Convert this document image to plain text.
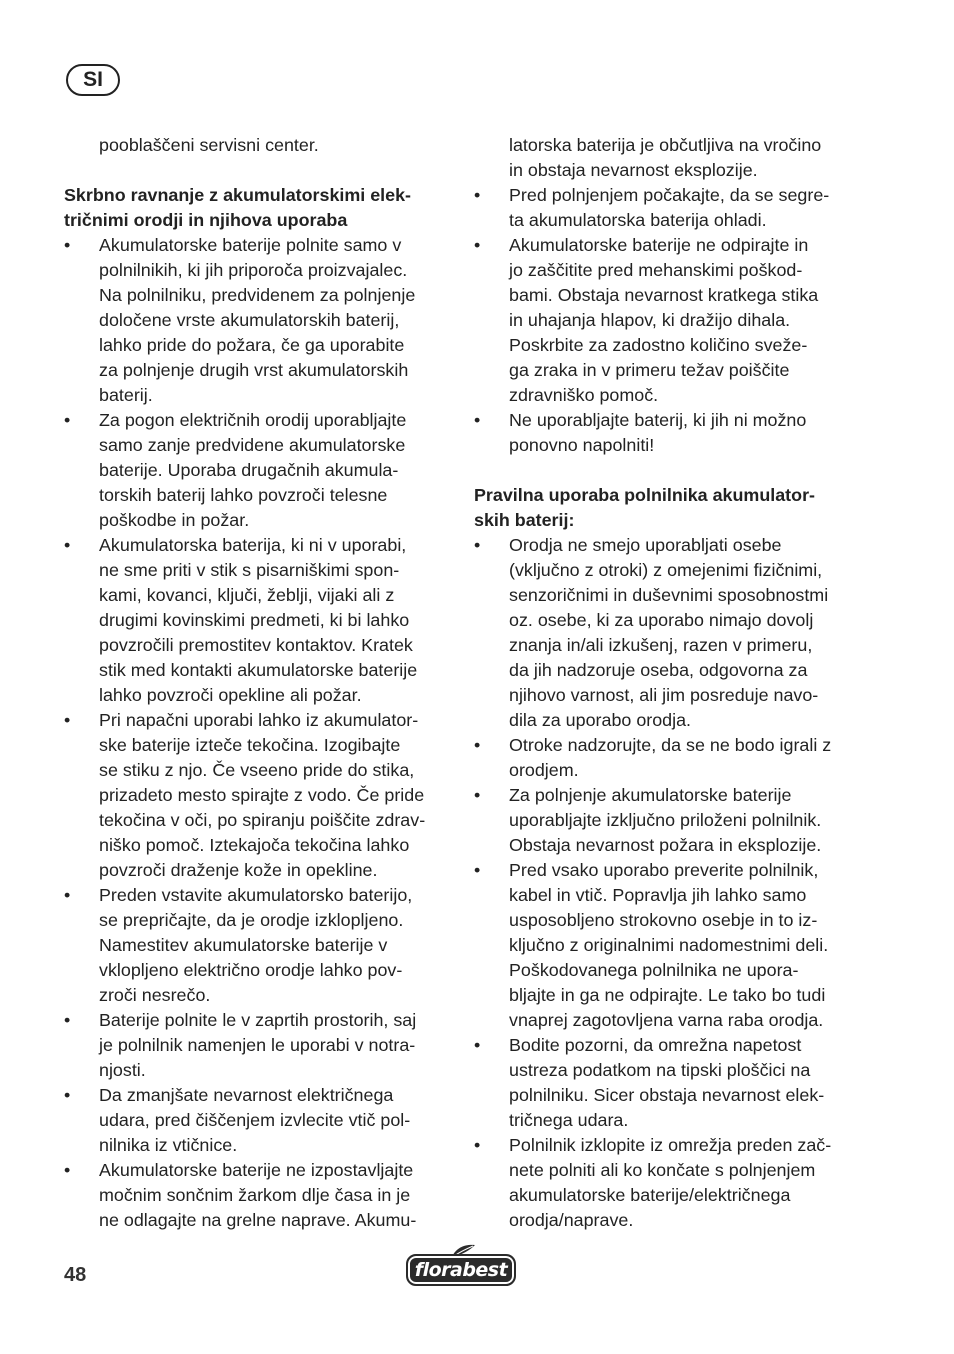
SI
pooblaščeni servisni center.
Skrbno ravnanje z akumulatorskimi elek-
tričnimi orodji in njihova uporaba
• Akumulatorske baterije polnite samo v
polnilnikih, ki jih priporoča proizvajalec.
Na polnilniku, predvidenem za polnjenje
določene vrste akumulatorskih baterij,
lahko pride do požara, če ga uporabite
za polnjenje drugih vrst akumulatorskih
baterij.
• Za pogon električnih orodij uporabljajte
samo zanje predvidene akumulatorske
baterije. Uporaba drugačnih akumula-
torskih baterij lahko povzroči telesne
poškodbe in požar.
• Akumulatorska baterija, ki ni v uporabi,
ne sme priti v stik s pisarniškimi spon-
kami, kovanci, ključi, žeblji, vijaki ali z
drugimi kovinskimi predmeti, ki bi lahko
povzročili premostitev kontaktov. Kratek
stik med kontakti akumulatorske baterije
lahko povzroči opekline ali požar.
• Pri napačni uporabi lahko iz akumulator-
ske baterije izteče tekočina. Izogibajte
se stiku z njo. Če vseeno pride do stika,
prizadeto mesto spirajte z vodo. Če pride
tekočina v oči, po spiranju poiščite zdrav-
niško pomoč. Iztekajoča tekočina lahko
povzroči draženje kože in opekline.
• Preden vstavite akumulatorsko baterijo,
se prepričajte, da je orodje izklopljeno.
Namestitev akumulatorske baterije v
vklopljeno električno orodje lahko pov-
zroči nesrečo.
• Baterije polnite le v zaprtih prostorih, saj
je polnilnik namenjen le uporabi v notra-
njosti.
• Da zmanjšate nevarnost električnega
udara, pred čiščenjem izvlecite vtič pol-
nilnika iz vtičnice.
• Akumulatorske baterije ne izpostavljajte
močnim sončnim žarkom dlje časa in je
ne odlagajte na grelne naprave. Akumu-
latorska baterija je občutljiva na vročino
in obstaja nevarnost eksplozije.
• Pred polnjenjem počakajte, da se segre-
ta akumulatorska baterija ohladi.
• Akumulatorske baterije ne odpirajte in
jo zaščitite pred mehanskimi poškod-
bami. Obstaja nevarnost kratkega stika
in uhajanja hlapov, ki dražijo dihala.
Poskrbite za zadostno količino sveže-
ga zraka in v primeru težav poiščite
zdravniško pomoč.
• Ne uporabljajte baterij, ki jih ni možno
ponovno napolniti!
Pravilna uporaba polnilnika akumulator-
skih baterij:
• Orodja ne smejo uporabljati osebe
(vključno z otroki) z omejenimi fizičnimi,
senzoričnimi in duševnimi sposobnostmi
oz. osebe, ki za uporabo nimajo dovolj
znanja in/ali izkušenj, razen v primeru,
da jih nadzoruje oseba, odgovorna za
njihovo varnost, ali jim posreduje navo-
dila za uporabo orodja.
• Otroke nadzorujte, da se ne bodo igrali z
orodjem.
• Za polnjenje akumulatorske baterije
uporabljajte izključno priloženi polnilnik.
Obstaja nevarnost požara in eksplozije.
• Pred vsako uporabo preverite polnilnik,
kabel in vtič. Popravlja jih lahko samo
usposobljeno strokovno osebje in to iz-
ključno z originalnimi nadomestnimi deli.
Poškodovanega polnilnika ne upora-
bljajte in ga ne odpirajte. Le tako bo tudi
vnaprej zagotovljena varna raba orodja.
• Bodite pozorni, da omrežna napetost
ustreza podatkom na tipski ploščici na
polnilniku. Sicer obstaja nevarnost elek-
tričnega udara.
• Polnilnik izklopite iz omrežja preden zač-
nete polniti ali ko končate s polnjenjem
akumulatorske baterije/električnega
orodja/naprave.
48	florabest
